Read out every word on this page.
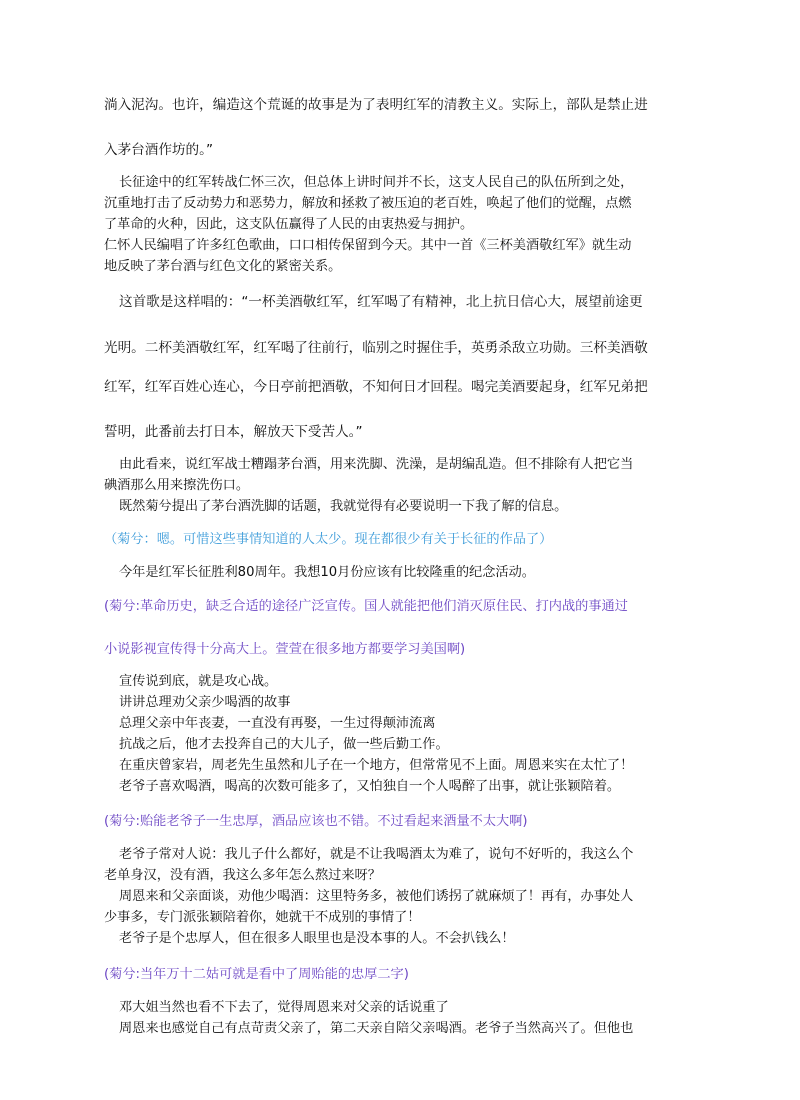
淌入泥沟。也许，编造这个荒诞的故事是为了表明红军的清教主义。实际上，部队是禁止进
入茅台酒作坊的。”
长征途中的红军转战仁怀三次，但总体上讲时间并不长，这支人民自己的队伍所到之处，
沉重地打击了反动势力和恶势力，解放和拯救了被压迫的老百姓，唤起了他们的觉醒，点燃
了革命的火种，因此，这支队伍赢得了人民的由衷热爱与拥护。
仁怀人民编唱了许多红色歌曲，口口相传保留到今天。其中一首《三杯美酒敬红军》就生动
地反映了茅台酒与红色文化的紧密关系。
这首歌是这样唱的：“一杯美酒敬红军，红军喝了有精神，北上抗日信心大，展望前途更
光明。二杯美酒敬红军，红军喝了往前行，临别之时握住手，英勇杀敌立功勋。三杯美酒敬
红军，红军百姓心连心，今日亭前把酒敬，不知何日才回程。喝完美酒要起身，红军兄弟把
誓明，此番前去打日本，解放天下受苦人。”
由此看来，说红军战士糟蹋茅台酒，用来洗脚、洗澡，是胡编乱造。但不排除有人把它当
碘酒那么用来擦洗伤口。
既然菊兮提出了茅台酒洗脚的话题，我就觉得有必要说明一下我了解的信息。
（菊兮：嗯。可惜这些事情知道的人太少。现在都很少有关于长征的作品了）
今年是红军长征胜利80周年。我想10月份应该有比较隆重的纪念活动。
(菊兮:革命历史，缺乏合适的途径广泛宣传。国人就能把他们消灭原住民、打内战的事通过
小说影视宣传得十分高大上。萱萱在很多地方都要学习美国啊)
宣传说到底，就是攻心战。
讲讲总理劝父亲少喝酒的故事
总理父亲中年丧妻，一直没有再娶，一生过得颠沛流离
抗战之后，他才去投奔自己的大儿子，做一些后勤工作。
在重庆曾家岩，周老先生虽然和儿子在一个地方，但常常见不上面。周恩来实在太忙了！
老爷子喜欢喝酒，喝高的次数可能多了，又怕独自一个人喝醉了出事，就让张颖陪着。
(菊兮:贻能老爷子一生忠厚，酒品应该也不错。不过看起来酒量不太大啊)
老爷子常对人说：我儿子什么都好，就是不让我喝酒太为难了，说句不好听的，我这么个
老单身汉，没有酒，我这么多年怎么熬过来呀？
周恩来和父亲面谈，劝他少喝酒：这里特务多，被他们诱拐了就麻烦了！再有，办事处人
少事多，专门派张颖陪着你，她就干不成别的事情了！
老爷子是个忠厚人，但在很多人眼里也是没本事的人。不会扒钱么！
(菊兮:当年万十二姑可就是看中了周贻能的忠厚二字)
邓大姐当然也看不下去了，觉得周恩来对父亲的话说重了
周恩来也感觉自己有点苛责父亲了，第二天亲自陪父亲喝酒。老爷子当然高兴了。但他也
